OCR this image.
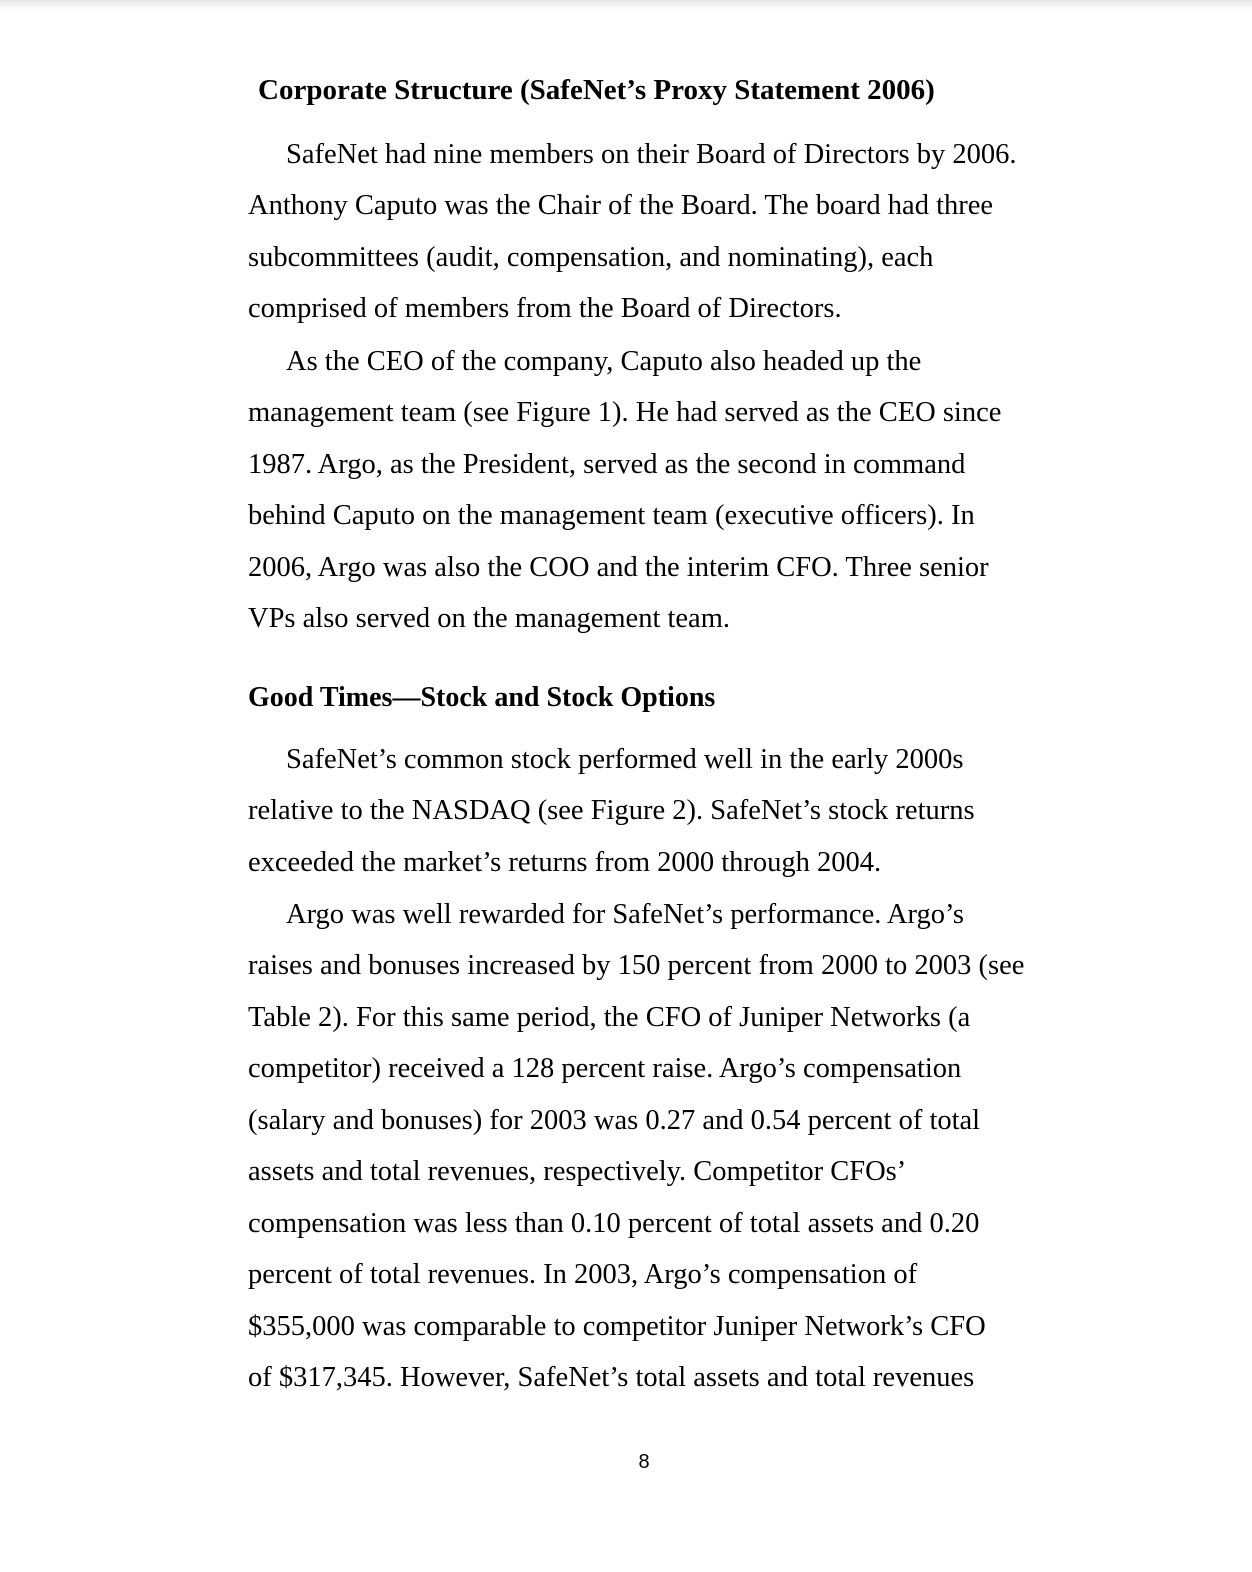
Corporate Structure (SafeNet’s Proxy Statement 2006)
SafeNet had nine members on their Board of Directors by 2006.
Anthony Caputo was the Chair of the Board. The board had three
subcommittees (audit, compensation, and nominating), each
comprised of members from the Board of Directors.
As the CEO of the company, Caputo also headed up the
management team (see Figure 1). He had served as the CEO since
1987. Argo, as the President, served as the second in command
behind Caputo on the management team (executive officers). In
2006, Argo was also the COO and the interim CFO. Three senior
VPs also served on the management team.
Good Times—Stock and Stock Options
SafeNet’s common stock performed well in the early 2000s
relative to the NASDAQ (see Figure 2). SafeNet’s stock returns
exceeded the market’s returns from 2000 through 2004.
Argo was well rewarded for SafeNet’s performance. Argo’s
raises and bonuses increased by 150 percent from 2000 to 2003 (see
Table 2). For this same period, the CFO of Juniper Networks (a
competitor) received a 128 percent raise. Argo’s compensation
(salary and bonuses) for 2003 was 0.27 and 0.54 percent of total
assets and total revenues, respectively. Competitor CFOs’
compensation was less than 0.10 percent of total assets and 0.20
percent of total revenues. In 2003, Argo’s compensation of
$355,000 was comparable to competitor Juniper Network’s CFO
of $317,345. However, SafeNet’s total assets and total revenues
8
